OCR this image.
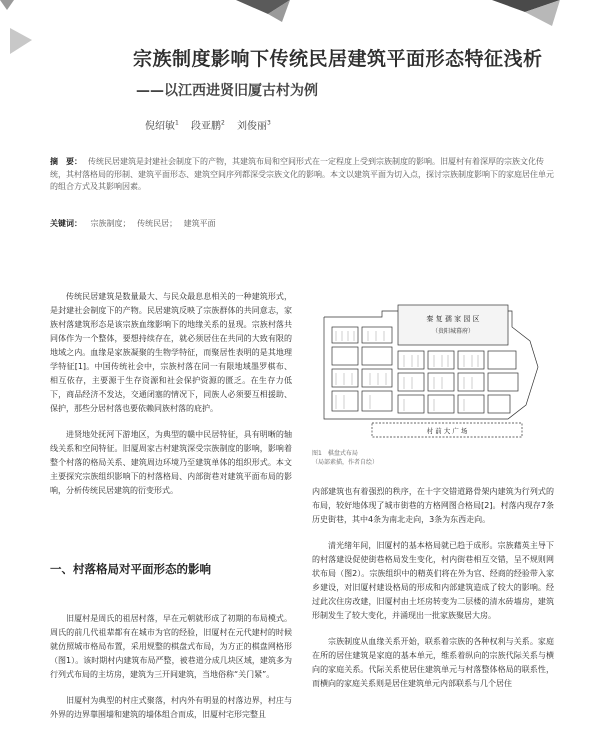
宗族制度影响下传统民居建筑平面形态特征浅析
——以江西进贤旧厦古村为例
倪绍敏$^1$ 段亚鹏$^2$ 刘俊丽$^3$
摘　要： 传统民居建筑是封建社会制度下的产物，其建筑布局和空间形式在一定程度上受到宗族制度的影响。旧厦村有着深厚的宗族文化传统，其村落格局的形制、建筑平面形态、建筑空间序列都深受宗族文化的影响。本文以建筑平面为切入点，探讨宗族制度影响下的家庭居住单元的组合方式及其影响因素。
关键词： 宗族制度； 传统民居； 建筑平面

传统民居建筑是数量最大、与民众最息息相关的一种建筑形式，是封建社会制度下的产物。民居建筑反映了宗族群体的共同意志，家族村落建筑形态是该宗族血缘影响下的地缘关系的显现。宗族村落共同体作为一个整体，要想持续存在，就必须居住在共同的大致有限的地域之内。血缘是家族凝聚的生物学特征，而聚居性表明的是其地理学特征[1]。中国传统社会中，宗族村落在同一有限地域墨罗棋布、相互依存，主要源于生存资源和社会保护资源的匮乏。在生存力低下，商品经济不发达，交通闭塞的情况下，同族人必须要互相援助、保护，那些分居村落也要依赖同族村落的庇护。

进贤地处抚河下游地区，为典型的赣中民居特征，具有明晰的轴线关系和空间特征。旧厦周家古村建筑深受宗族制度的影响，影响着整个村落的格局关系、建筑周边环境乃至建筑单体的组织形式。本文主要探究宗族组织影响下的村落格局、内部街巷对建筑平面布局的影响，分析传统民居建筑的衍变形式。

一、村落格局对平面形态的影响

旧厦村是周氏的祖居村落，早在元朝就形成了初期的布局模式。周氏的前几代祖辈都有在城市为官的经验，旧厦村在元代建村的时候就仿照城市格局布置，采用规整的棋盘式布局，为方正的棋盘网格形（图1）。该时期村内建筑布局严整，被巷道分成几块区域，建筑多为行列式布局的主坊房，建筑为三开间建筑，当地俗称“关门紧”。

旧厦村为典型的村庄式聚落，村内外有明显的村落边界，村庄与外界的边界靠围墙和建筑的墙体组合而成，旧厦村宅形完整且

秦 复 孺 家 园 区
（贵阳城幕府）
村 前 大 广 场
图1　棋盘式布局
（局部素描，作者自绘）

内部建筑也有着强烈的秩序，在十字交错道路骨架内建筑为行列式的布局，较好地体现了城市街巷的方格网图合格局[2]。村落内现存7条历史街巷，其中4条为南北走向，3条为东西走向。

清光绪年间，旧厦村的基本格局就已趋于成形。宗族藉英主导下的村落建设促使街巷格局发生变化，村内街巷相互交错，呈不规则网状布局（图2）。宗族组织中的精英们将在外为官、经商的经验带入家乡建设，对旧厦村建设格局的形成和内部建筑造成了较大的影响。经过此次住房改建，旧厦村由土坯房转变为二层楼的清水砖墙房，建筑形制发生了较大变化，并涌现出一批家族聚居大房。

宗族制度从血缘关系开始，联系着宗族的各种权利与关系。家庭在所的居住建筑是家庭的基本单元，维系着纵向的宗族代际关系与横向的家庭关系。代际关系使居住建筑单元与村落整体格局的联系性，而横向的家庭关系则是居住建筑单元内部联系与几个居住
